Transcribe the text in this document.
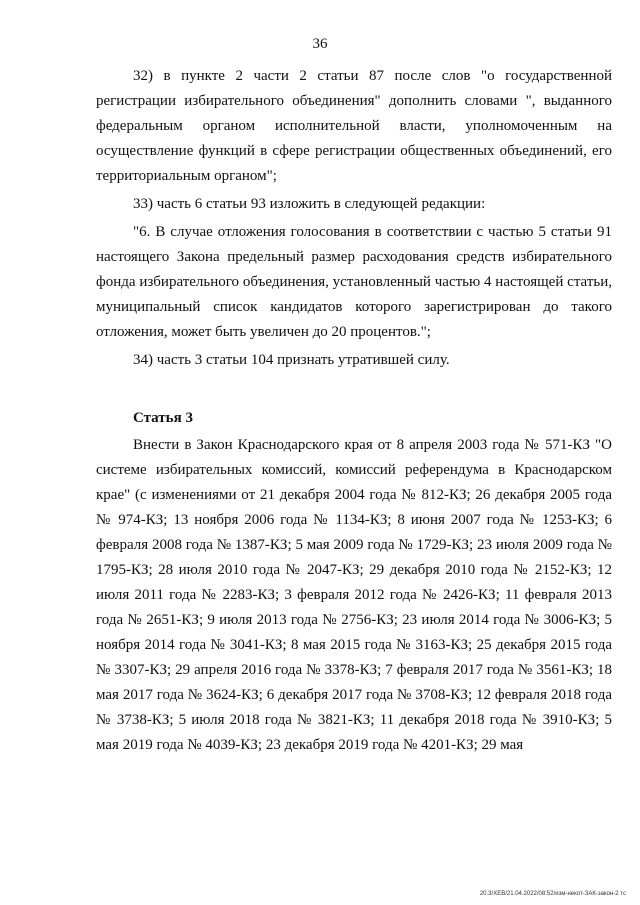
36

32) в пункте 2 части 2 статьи 87 после слов "о государственной регистрации избирательного объединения" дополнить словами ", выданного федеральным органом исполнительной власти, уполномоченным на осуществление функций в сфере регистрации общественных объединений, его территориальным органом";

33) часть 6 статьи 93 изложить в следующей редакции:

"6. В случае отложения голосования в соответствии с частью 5 статьи 91 настоящего Закона предельный размер расходования средств избирательного фонда избирательного объединения, установленный частью 4 настоящей статьи, муниципальный список кандидатов которого зарегистрирован до такого отложения, может быть увеличен до 20 процентов.";

34) часть 3 статьи 104 признать утратившей силу.

Статья 3

Внести в Закон Краснодарского края от 8 апреля 2003 года № 571-КЗ "О системе избирательных комиссий, комиссий референдума в Краснодарском крае" (с изменениями от 21 декабря 2004 года № 812-КЗ; 26 декабря 2005 года № 974-КЗ; 13 ноября 2006 года № 1134-КЗ; 8 июня 2007 года № 1253-КЗ; 6 февраля 2008 года № 1387-КЗ; 5 мая 2009 года № 1729-КЗ; 23 июля 2009 года № 1795-КЗ; 28 июля 2010 года № 2047-КЗ; 29 декабря 2010 года № 2152-КЗ; 12 июля 2011 года № 2283-КЗ; 3 февраля 2012 года № 2426-КЗ; 11 февраля 2013 года № 2651-КЗ; 9 июля 2013 года № 2756-КЗ; 23 июля 2014 года № 3006-КЗ; 5 ноября 2014 года № 3041-КЗ; 8 мая 2015 года № 3163-КЗ; 25 декабря 2015 года № 3307-КЗ; 29 апреля 2016 года № 3378-КЗ; 7 февраля 2017 года № 3561-КЗ; 18 мая 2017 года № 3624-КЗ; 6 декабря 2017 года № 3708-КЗ; 12 февраля 2018 года № 3738-КЗ; 5 июля 2018 года № 3821-КЗ; 11 декабря 2018 года № 3910-КЗ; 5 мая 2019 года № 4039-КЗ; 23 декабря 2019 года № 4201-КЗ; 29 мая

20.3/ХЕВ/21.04.2022/08:52/изм-некот-ЗАК-закон-2 тс
